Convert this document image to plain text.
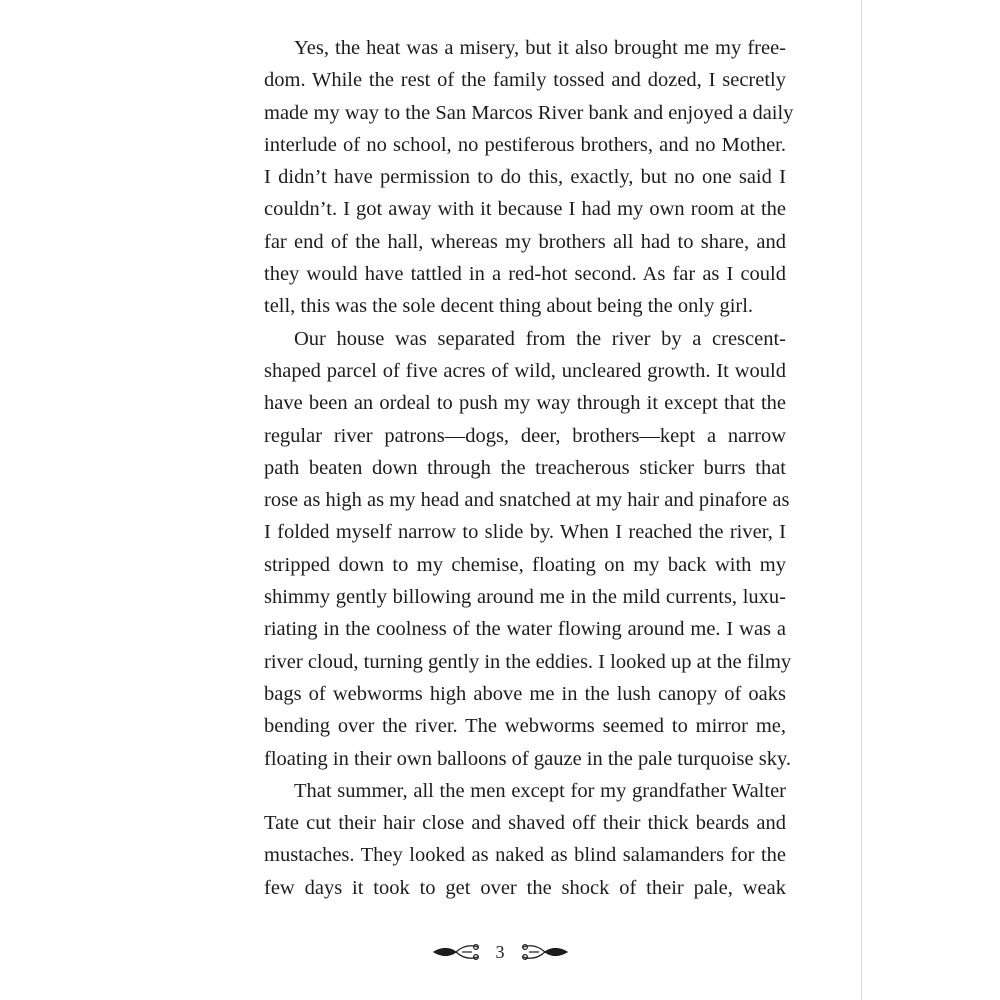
Yes, the heat was a misery, but it also brought me my free-
dom. While the rest of the family tossed and dozed, I secretly
made my way to the San Marcos River bank and enjoyed a daily
interlude of no school, no pestiferous brothers, and no Mother.
I didn’t have permission to do this, exactly, but no one said I
couldn’t. I got away with it because I had my own room at the
far end of the hall, whereas my brothers all had to share, and
they would have tattled in a red-hot second. As far as I could
tell, this was the sole decent thing about being the only girl.

Our house was separated from the river by a crescent-
shaped parcel of five acres of wild, uncleared growth. It would
have been an ordeal to push my way through it except that the
regular river patrons—dogs, deer, brothers—kept a narrow
path beaten down through the treacherous sticker burrs that
rose as high as my head and snatched at my hair and pinafore as
I folded myself narrow to slide by. When I reached the river, I
stripped down to my chemise, floating on my back with my
shimmy gently billowing around me in the mild currents, luxu-
riating in the coolness of the water flowing around me. I was a
river cloud, turning gently in the eddies. I looked up at the filmy
bags of webworms high above me in the lush canopy of oaks
bending over the river. The webworms seemed to mirror me,
floating in their own balloons of gauze in the pale turquoise sky.

That summer, all the men except for my grandfather Walter
Tate cut their hair close and shaved off their thick beards and
mustaches. They looked as naked as blind salamanders for the
few days it took to get over the shock of their pale, weak

3
